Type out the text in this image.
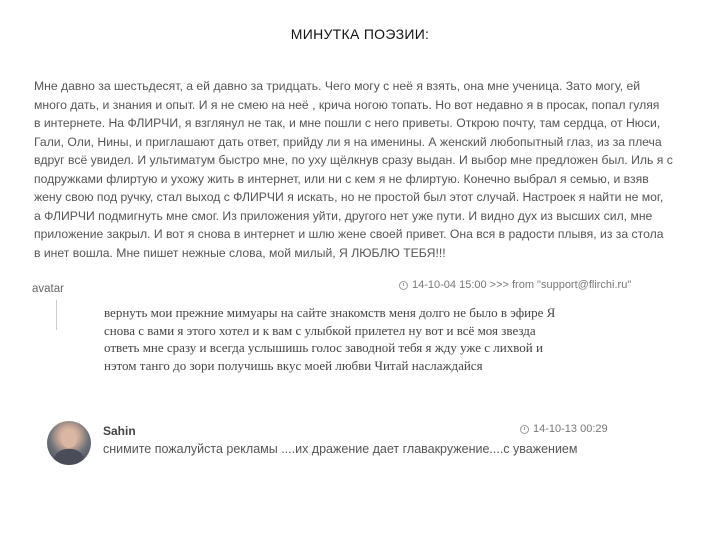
МИНУТКА ПОЭЗИИ:

Мне давно за шестьдесят, а ей давно за тридцать. Чего могу с неё я взять, она мне ученица. Зато могу, ей

много дать, и знания и опыт. И я не смею на неё , крича ногою топать. Но вот недавно я в просак, попал гуляя

в интернете. На ФЛИРЧИ, я взглянул не так, и мне пошли с него приветы. Открою почту, там сердца, от Нюси,

Гали, Оли, Нины, и приглашают дать ответ, прийду ли я на именины. А женский любопытный глаз, из за плеча

вдруг всё увидел. И ультиматум быстро мне, по уху щёлкнув сразу выдан. И выбор мне предложен был. Иль я с

подружками флиртую и ухожу жить в интернет, или ни с кем я не флиртую. Конечно выбрал я семью, и взяв

жену свою под ручку, стал выход с ФЛИРЧИ я искать, но не простой был этот случай. Настроек я найти не мог,

а ФЛИРЧИ подмигнуть мне смог. Из приложения уйти, другого нет уже пути. И видно дух из высших сил, мне

приложение закрыл. И вот я снова в интернет и шлю жене своей привет. Она вся в радости плывя, из за стола

в инет вошла. Мне пишет нежные слова, мой милый, Я ЛЮБЛЮ ТЕБЯ!!!

avatar	14-10-04 15:00 >>> from "support@flirchi.ru"

вернуть мои прежние мимуары на сайте знакомств меня долго не было в эфире Я

снова с вами я этого хотел и к вам с улыбкой прилетел ну вот и всё моя звезда

ответь мне сразу и всегда услышишь голос заводной тебя я жду уже с лихвой и

нэтом танго до зори получишь вкус моей любви Читай наслаждайся

Sahin	14-10-13 00:29
снимите пожалуйста рекламы ....их дражение дает главакружение....с уважением
